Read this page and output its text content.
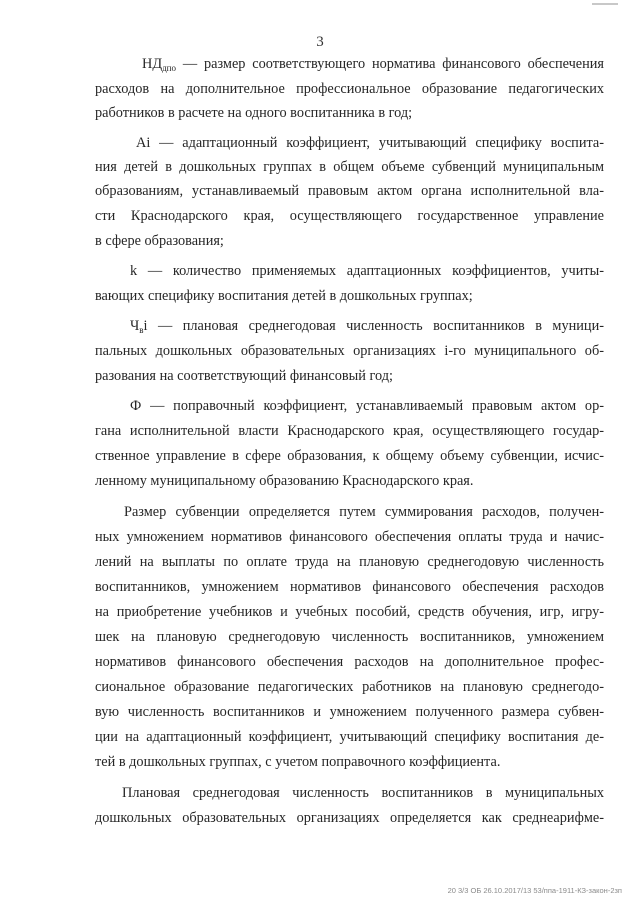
3
$НД_{дпо}$ — размер соответствующего норматива финансового обеспечения
расходов на дополнительное профессиональное образование педагогических
работников в расчете на одного воспитанника в год;
Ai — адаптационный коэффициент, учитывающий специфику воспита-
ния детей в дошкольных группах в общем объеме субвенций муниципальным
образованиям, устанавливаемый правовым актом органа исполнительной вла-
сти Краснодарского края, осуществляющего государственное управление
в сфере образования;
k — количество применяемых адаптационных коэффициентов, учиты-
вающих специфику воспитания детей в дошкольных группах;
$Ч_вi$ — плановая среднегодовая численность воспитанников в муници-
пальных дошкольных образовательных организациях i-го муниципального об-
разования на соответствующий финансовый год;
Ф — поправочный коэффициент, устанавливаемый правовым актом ор-
гана исполнительной власти Краснодарского края, осуществляющего государ-
ственное управление в сфере образования, к общему объему субвенции, исчис-
ленному муниципальному образованию Краснодарского края.
Размер субвенции определяется путем суммирования расходов, получен-
ных умножением нормативов финансового обеспечения оплаты труда и начис-
лений на выплаты по оплате труда на плановую среднегодовую численность
воспитанников, умножением нормативов финансового обеспечения расходов
на приобретение учебников и учебных пособий, средств обучения, игр, игру-
шек на плановую среднегодовую численность воспитанников, умножением
нормативов финансового обеспечения расходов на дополнительное профес-
сиональное образование педагогических работников на плановую среднегодо-
вую численность воспитанников и умножением полученного размера субвен-
ции на адаптационный коэффициент, учитывающий специфику воспитания де-
тей в дошкольных группах, с учетом поправочного коэффициента.
Плановая среднегодовая численность воспитанников в муниципальных
дошкольных образовательных организациях определяется как среднеарифме-
20 3/3 ОБ 26.10.2017/13 53/ппа-1911-КЗ-закон-2зп
